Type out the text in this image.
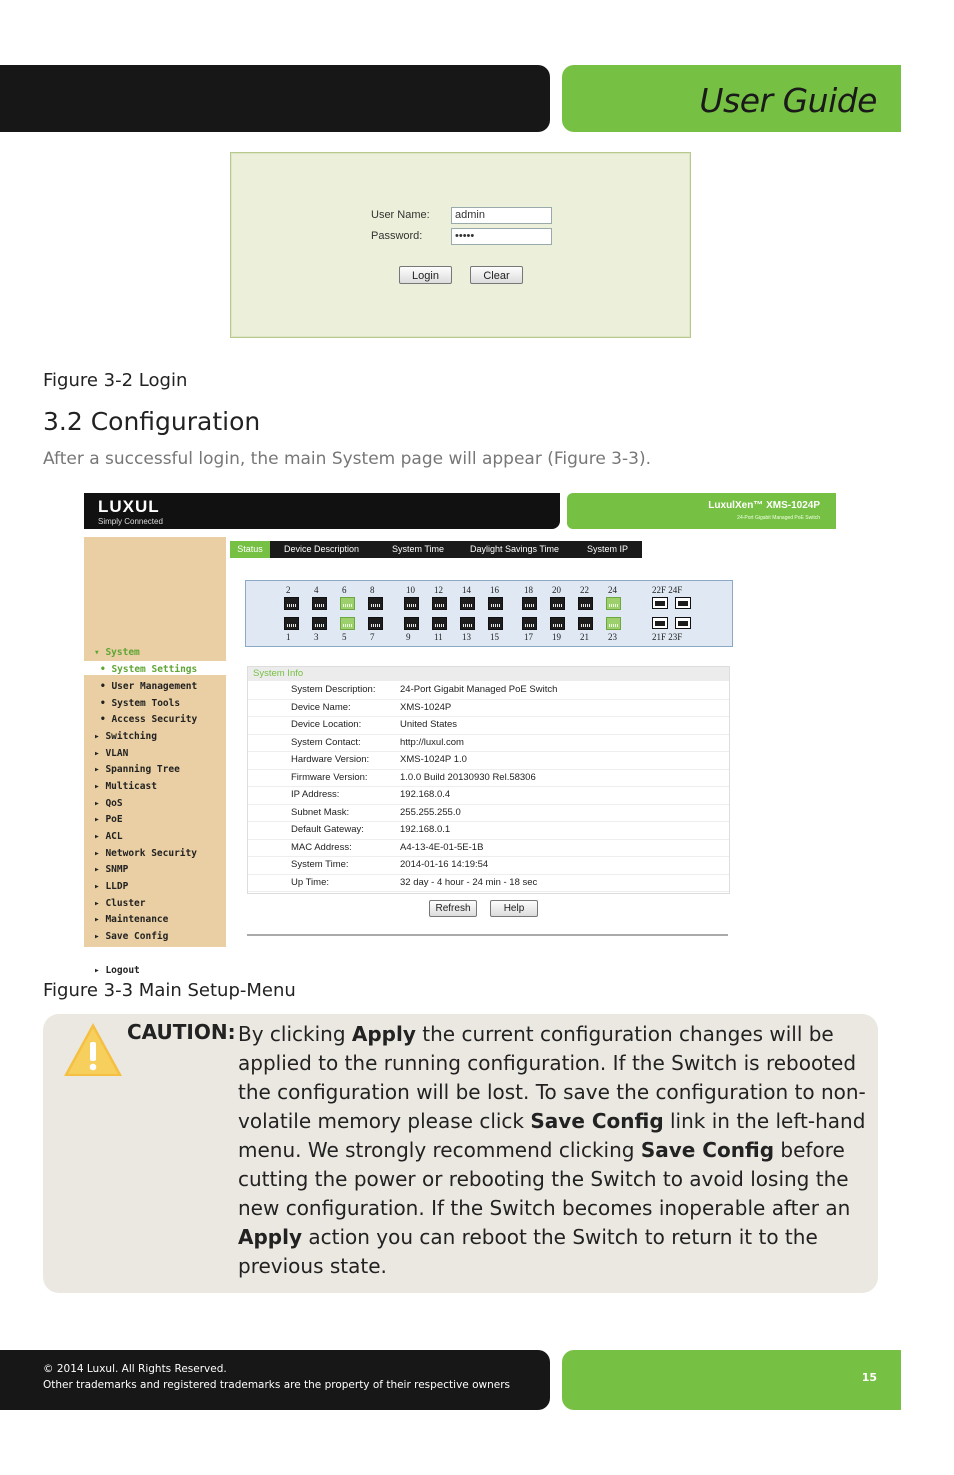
User Guide
User Name:	admin
Password:	•••••
Login	Clear
Figure 3-2 Login
3.2 Configuration
After a successful login, the main System page will appear (Figure 3-3).
LUXUL
Simply Connected
LuxulXen™ XMS-1024P
24-Port Gigabit Managed PoE Switch
▾ System
• System Settings
• User Management
• System Tools
• Access Security
▸ Switching
▸ VLAN
▸ Spanning Tree
▸ Multicast
▸ QoS
▸ PoE
▸ ACL
▸ Network Security
▸ SNMP
▸ LLDP
▸ Cluster
▸ Maintenance
▸ Save Config
▸ Logout
Status	Device Description	System Time	Daylight Savings Time	System IP
2	4	6	8	10 12 14 16	18 20 22 24
1	3	5	7	9	11 13 15	17 19 21 23
22F 24F
21F 23F
System Info
System Description:	24-Port Gigabit Managed PoE Switch
Device Name:	XMS-1024P
Device Location:	United States
System Contact:	http://luxul.com
Hardware Version:	XMS-1024P 1.0
Firmware Version:	1.0.0 Build 20130930 Rel.58306
IP Address:	192.168.0.4
Subnet Mask:	255.255.255.0
Default Gateway:	192.168.0.1
MAC Address:	A4-13-4E-01-5E-1B
System Time:	2014-01-16 14:19:54
Up Time:	32 day - 4 hour - 24 min - 18 sec
Refresh	Help
Figure 3-3 Main Setup-Menu
CAUTION: By clicking Apply the current configuration changes will be
applied to the running configuration. If the Switch is rebooted
the configuration will be lost. To save the configuration to non-
volatile memory please click Save Config link in the left-hand
menu. We strongly recommend clicking Save Config before
cutting the power or rebooting the Switch to avoid losing the
new configuration. If the Switch becomes inoperable after an
Apply action you can reboot the Switch to return it to the
previous state.
© 2014 Luxul. All Rights Reserved.
Other trademarks and registered trademarks are the property of their respective owners
15
